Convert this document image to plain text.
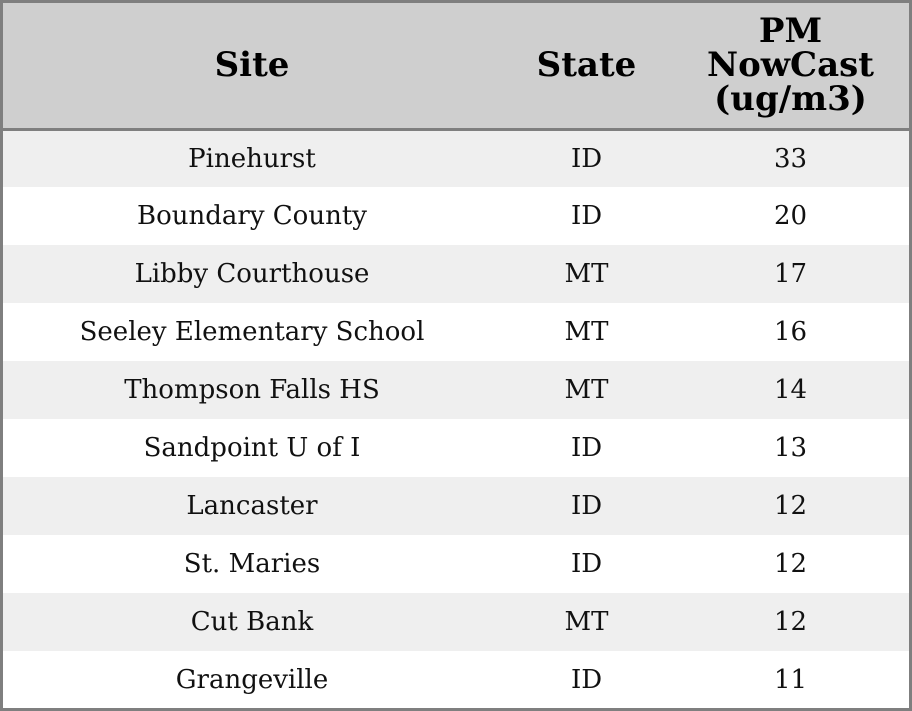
Site	State	PM
NowCast
(ug/m3)

Pinehurst	ID	33
Boundary County	ID	20
Libby Courthouse	MT	17
Seeley Elementary School	MT	16
Thompson Falls HS	MT	14
Sandpoint U of I	ID	13
Lancaster	ID	12
St. Maries	ID	12
Cut Bank	MT	12
Grangeville	ID	11
